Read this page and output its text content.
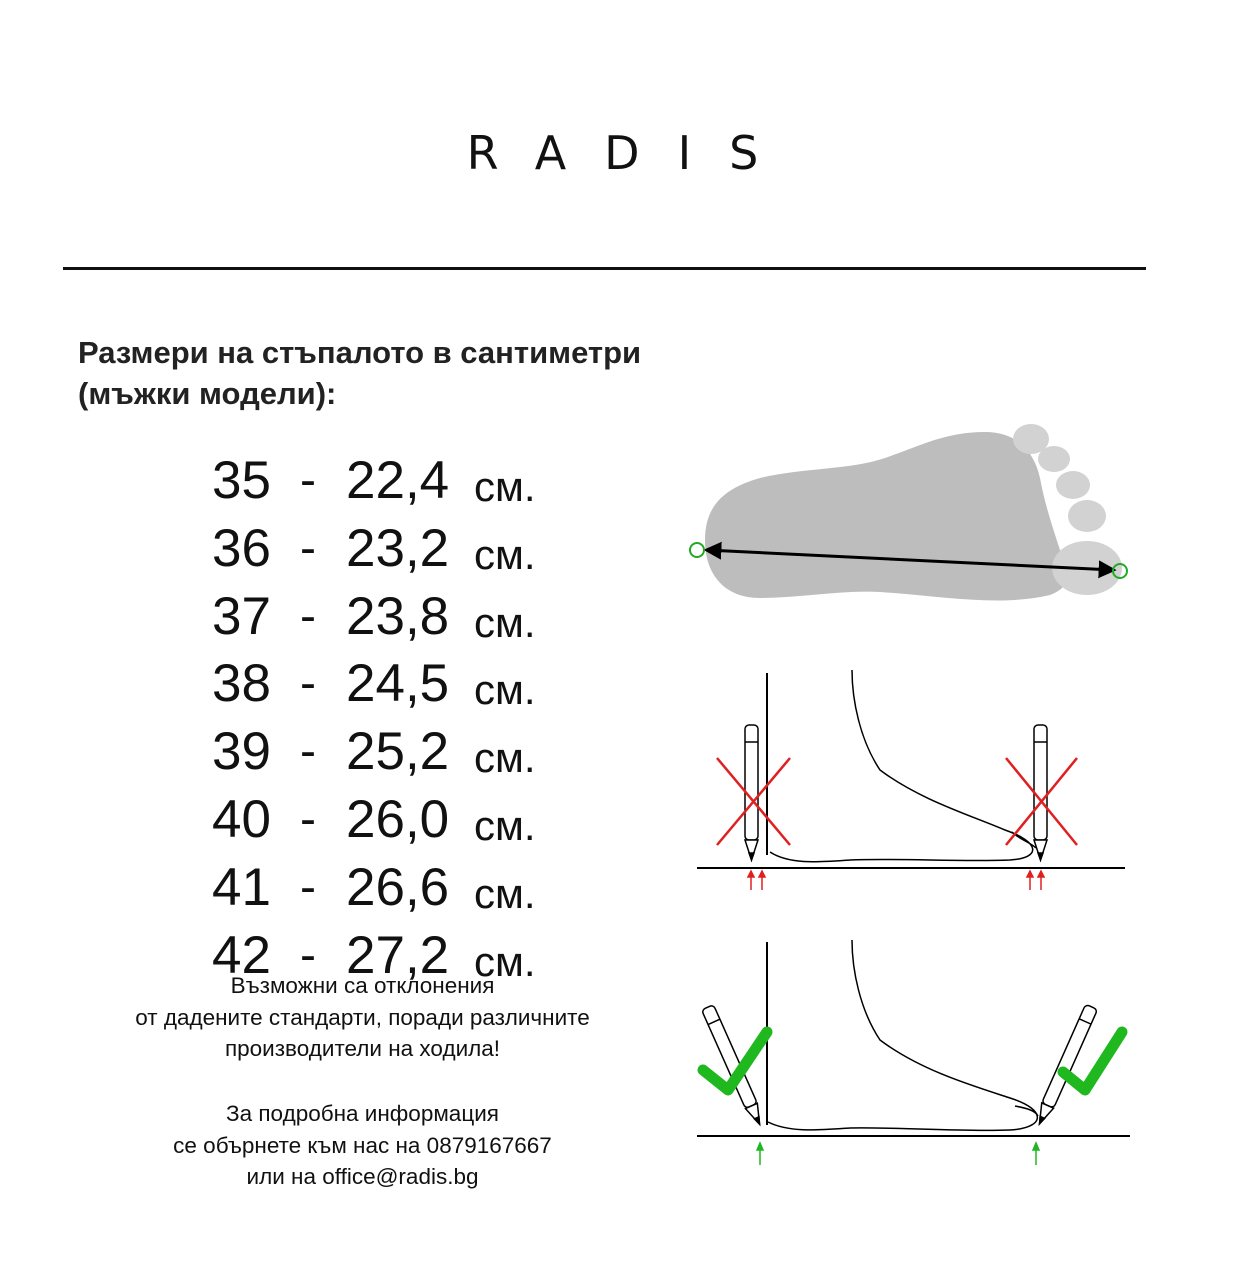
RADIS
Размери на стъпалото в сантиметри
(мъжки модели):
35 - 22,4 см.
36 - 23,2 см.
37 - 23,8 см.
38 - 24,5 см.
39 - 25,2 см.
40 - 26,0 см.
41 - 26,6 см.
42 - 27,2 см.
Възможни са отклонения
от дадените стандарти, поради различните
производители на ходила!
За подробна информация
се обърнете към нас на 0879167667
или на office@radis.bg
